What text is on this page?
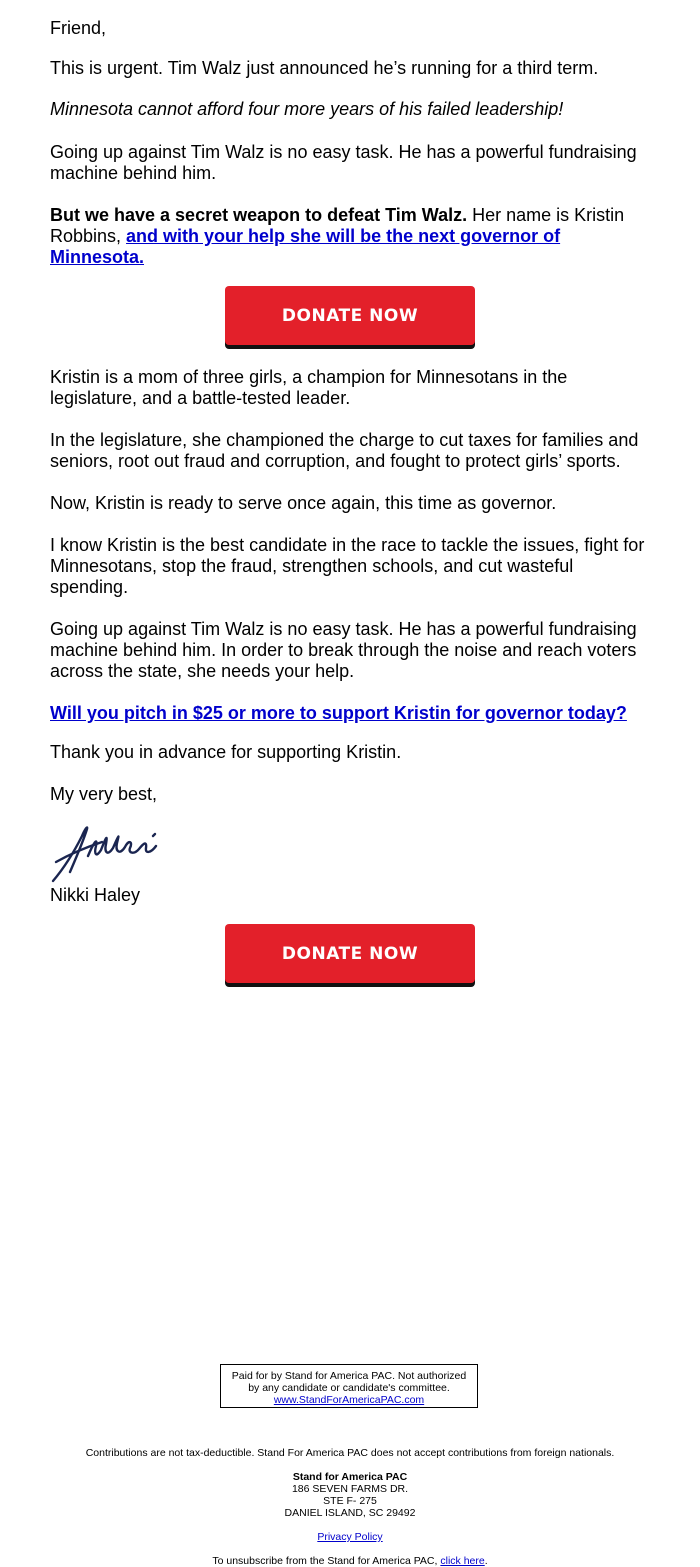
Friend,

This is urgent. Tim Walz just announced he’s running for a third term.

Minnesota cannot afford four more years of his failed leadership!

Going up against Tim Walz is no easy task. He has a powerful fundraising machine behind him.

But we have a secret weapon to defeat Tim Walz. Her name is Kristin Robbins, and with your help she will be the next governor of Minnesota.

DONATE NOW

Kristin is a mom of three girls, a champion for Minnesotans in the legislature, and a battle-tested leader.

In the legislature, she championed the charge to cut taxes for families and seniors, root out fraud and corruption, and fought to protect girls’ sports.

Now, Kristin is ready to serve once again, this time as governor.

I know Kristin is the best candidate in the race to tackle the issues, fight for Minnesotans, stop the fraud, strengthen schools, and cut wasteful spending.

Going up against Tim Walz is no easy task. He has a powerful fundraising machine behind him. In order to break through the noise and reach voters across the state, she needs your help.

Will you pitch in $25 or more to support Kristin for governor today?

Thank you in advance for supporting Kristin.

My very best,

Nikki Haley

DONATE NOW
Paid for by Stand for America PAC. Not authorized
by any candidate or candidate's committee.
www.StandForAmericaPAC.com
Contributions are not tax-deductible. Stand For America PAC does not accept contributions from foreign nationals.
Stand for America PAC
186 SEVEN FARMS DR.
STE F- 275
DANIEL ISLAND, SC 29492
Privacy Policy
To unsubscribe from the Stand for America PAC, click here.
